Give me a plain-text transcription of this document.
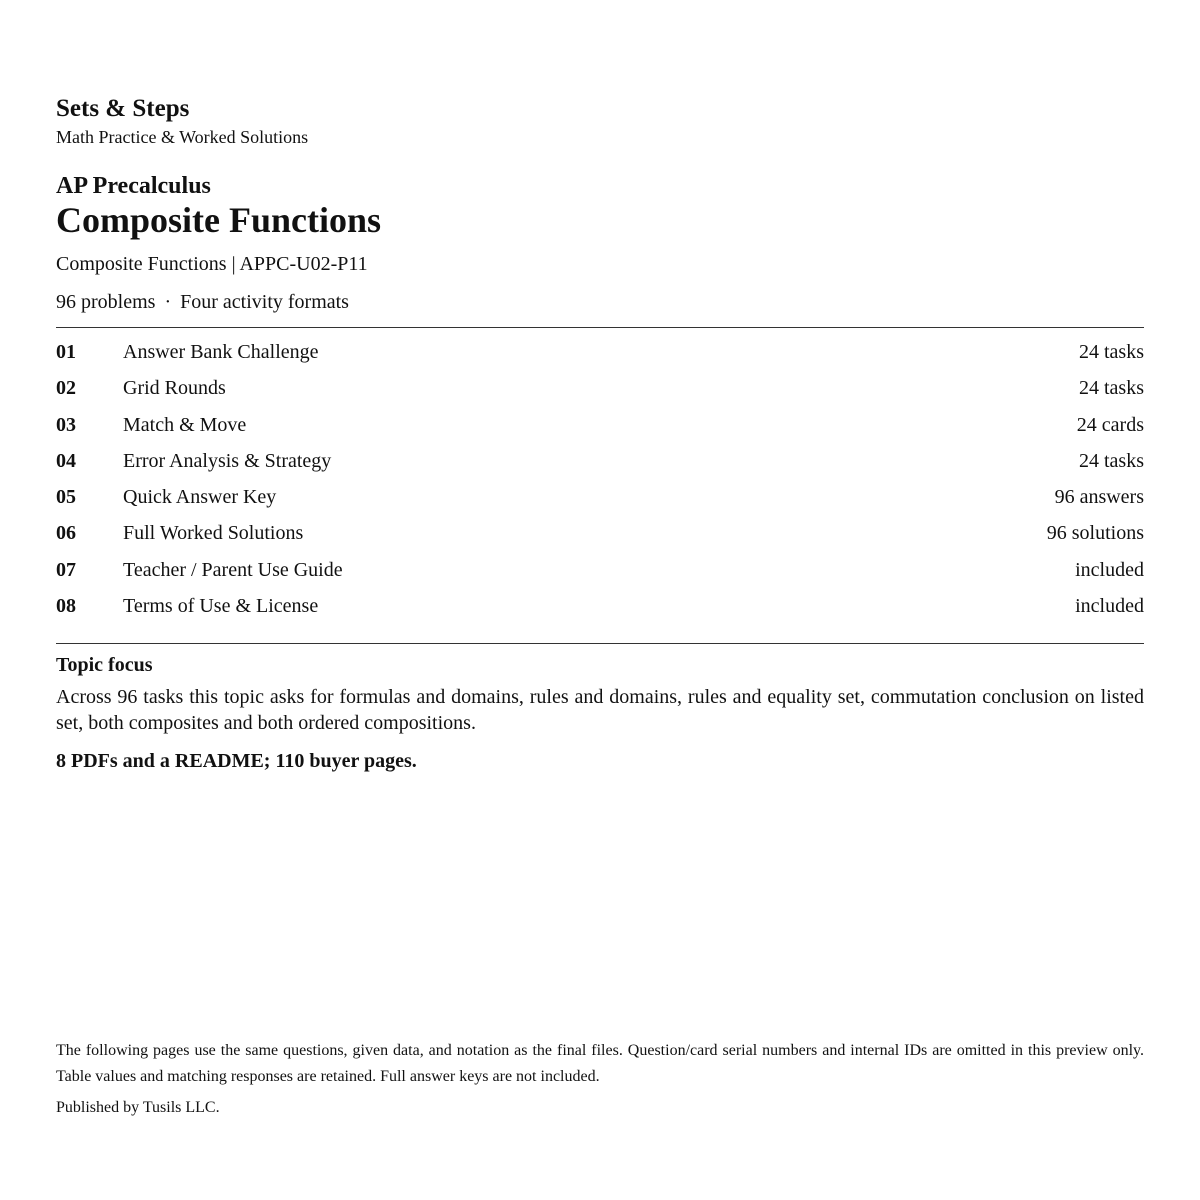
Sets & Steps
Math Practice & Worked Solutions
AP Precalculus
Composite Functions
Composite Functions | APPC-U02-P11
96 problems · Four activity formats
01 Answer Bank Challenge	24 tasks
02 Grid Rounds	24 tasks
03 Match & Move	24 cards
04 Error Analysis & Strategy	24 tasks
05 Quick Answer Key	96 answers
06 Full Worked Solutions	96 solutions
07 Teacher / Parent Use Guide	included
08 Terms of Use & License	included
Topic focus
Across 96 tasks this topic asks for formulas and domains, rules and domains, rules and equality set, commutation conclusion on listed set, both composites and both ordered compositions.
8 PDFs and a README; 110 buyer pages.
The following pages use the same questions, given data, and notation as the final files. Question/card serial numbers and internal IDs are omitted in this preview only. Table values and matching responses are retained. Full answer keys are not included.
Published by Tusils LLC.
